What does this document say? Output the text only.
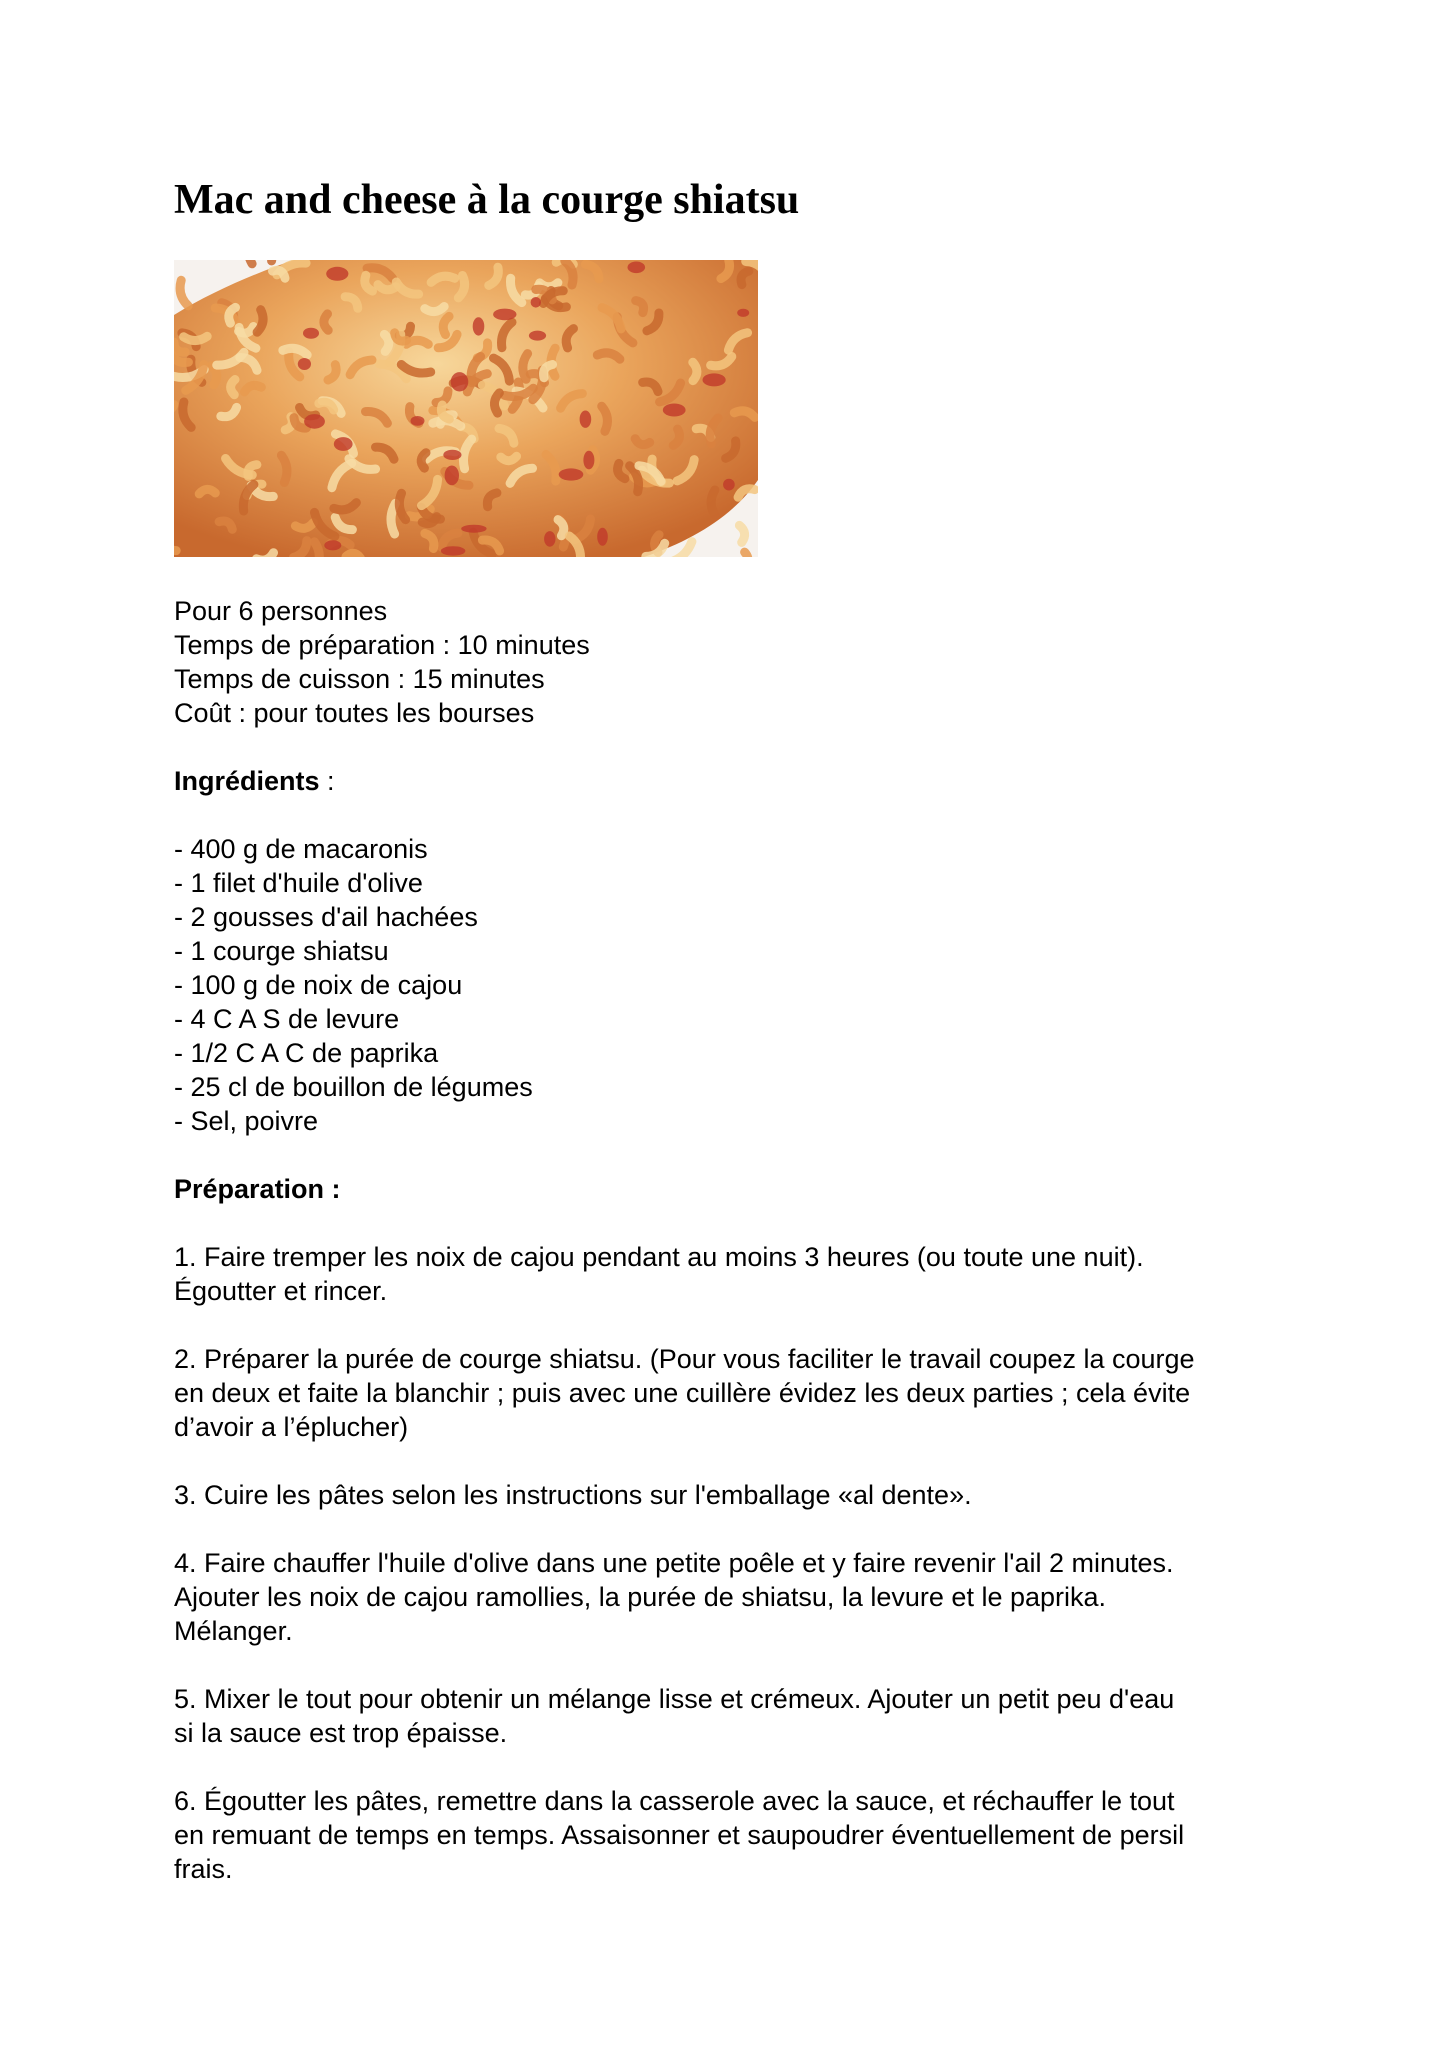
Mac and cheese à la courge shiatsu

Pour 6 personnes

Temps de préparation : 10 minutes

Temps de cuisson : 15 minutes

Coût : pour toutes les bourses

Ingrédients :

- 400 g de macaronis
- 1 filet d'huile d'olive
- 2 gousses d'ail hachées
- 1 courge shiatsu
- 100 g de noix de cajou
- 4 C A S de levure
- 1/2 C A C de paprika
- 25 cl de bouillon de légumes
- Sel, poivre

Préparation :

1. Faire tremper les noix de cajou pendant au moins 3 heures (ou toute une nuit).

Égoutter et rincer.

2. Préparer la purée de courge shiatsu. (Pour vous faciliter le travail coupez la courge

en deux et faite la blanchir ; puis avec une cuillère évidez les deux parties ; cela évite

d’avoir a l’éplucher)

3. Cuire les pâtes selon les instructions sur l'emballage «al dente».

4. Faire chauffer l'huile d'olive dans une petite poêle et y faire revenir l'ail 2 minutes.

Ajouter les noix de cajou ramollies, la purée de shiatsu, la levure et le paprika.

Mélanger.

5. Mixer le tout pour obtenir un mélange lisse et crémeux. Ajouter un petit peu d'eau

si la sauce est trop épaisse.

6. Égoutter les pâtes, remettre dans la casserole avec la sauce, et réchauffer le tout

en remuant de temps en temps. Assaisonner et saupoudrer éventuellement de persil

frais.
